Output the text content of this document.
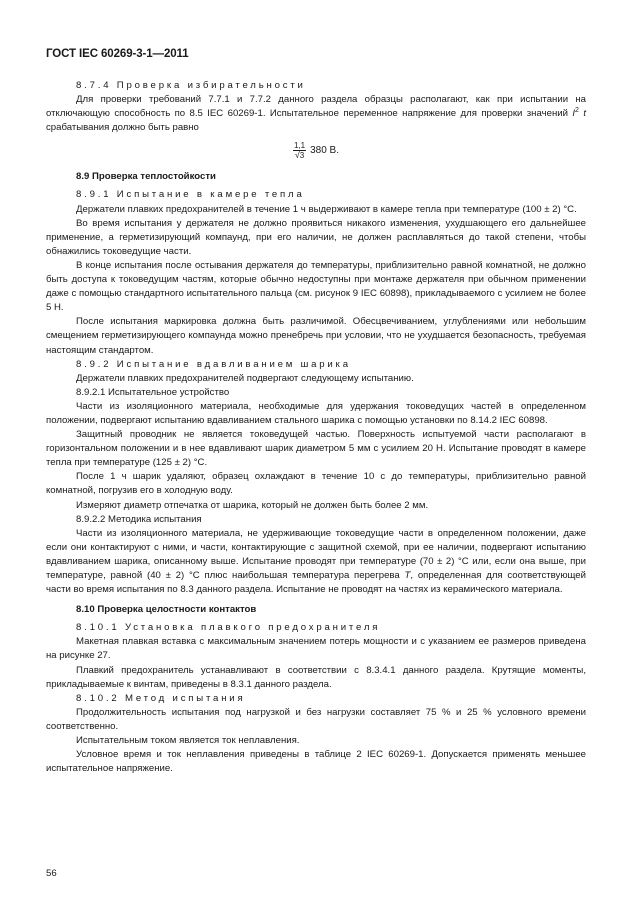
ГОСТ IEC 60269-3-1—2011

8.7.4 Проверка избирательности

Для проверки требований 7.7.1 и 7.7.2 данного раздела образцы располагают, как при испытании на отключающую способность по 8.5 IEC 60269-1. Испытательное переменное напряжение для проверки значений $I^2$ t срабатывания должно быть равно

$\frac{1,1}{√3} 380$ В.

8.9 Проверка теплостойкости

8.9.1 Испытание в камере тепла

Держатели плавких предохранителей в течение 1 ч выдерживают в камере тепла при температуре (100 ± 2) °С.

Во время испытания у держателя не должно проявиться никакого изменения, ухудшающего его дальнейшее применение, а герметизирующий компаунд, при его наличии, не должен расплавляться до такой степени, чтобы обнажились токоведущие части.

В конце испытания после остывания держателя до температуры, приблизительно равной комнатной, не должно быть доступа к токоведущим частям, которые обычно недоступны при монтаже держателя при обычном применении даже с помощью стандартного испытательного пальца (см. рисунок 9 IEC 60898), прикладываемого с усилием не более 5 Н.

После испытания маркировка должна быть различимой. Обесцвечиванием, углублениями или небольшим смещением герметизирующего компаунда можно пренебречь при условии, что не ухудшается безопасность, требуемая настоящим стандартом.

8.9.2 Испытание вдавливанием шарика

Держатели плавких предохранителей подвергают следующему испытанию.

8.9.2.1 Испытательное устройство

Части из изоляционного материала, необходимые для удержания токоведущих частей в определенном положении, подвергают испытанию вдавливанием стального шарика с помощью установки по 8.14.2 IEC 60898.

Защитный проводник не является токоведущей частью. Поверхность испытуемой части располагают в горизонтальном положении и в нее вдавливают шарик диаметром 5 мм с усилием 20 Н. Испытание проводят в камере тепла при температуре (125 ± 2) °С.

После 1 ч шарик удаляют, образец охлаждают в течение 10 с до температуры, приблизительно равной комнатной, погрузив его в холодную воду.

Измеряют диаметр отпечатка от шарика, который не должен быть более 2 мм.

8.9.2.2 Методика испытания

Части из изоляционного материала, не удерживающие токоведущие части в определенном положении, даже если они контактируют с ними, и части, контактирующие с защитной схемой, при ее наличии, подвергают испытанию вдавливанием шарика, описанному выше. Испытание проводят при температуре (70 ± 2) °С или, если она выше, при температуре, равной (40 ± 2) °С плюс наибольшая температура перегрева Т, определенная для соответствующей части во время испытания по 8.3 данного раздела. Испытание не проводят на частях из керамического материала.

8.10 Проверка целостности контактов

8.10.1 Установка плавкого предохранителя

Макетная плавкая вставка с максимальным значением потерь мощности и с указанием ее размеров приведена на рисунке 27.

Плавкий предохранитель устанавливают в соответствии с 8.3.4.1 данного раздела. Крутящие моменты, прикладываемые к винтам, приведены в 8.3.1 данного раздела.

8.10.2 Метод испытания

Продолжительность испытания под нагрузкой и без нагрузки составляет 75 % и 25 % условного времени соответственно.

Испытательным током является ток неплавления.

Условное время и ток неплавления приведены в таблице 2 IEC 60269-1. Допускается применять меньшее испытательное напряжение.

56
